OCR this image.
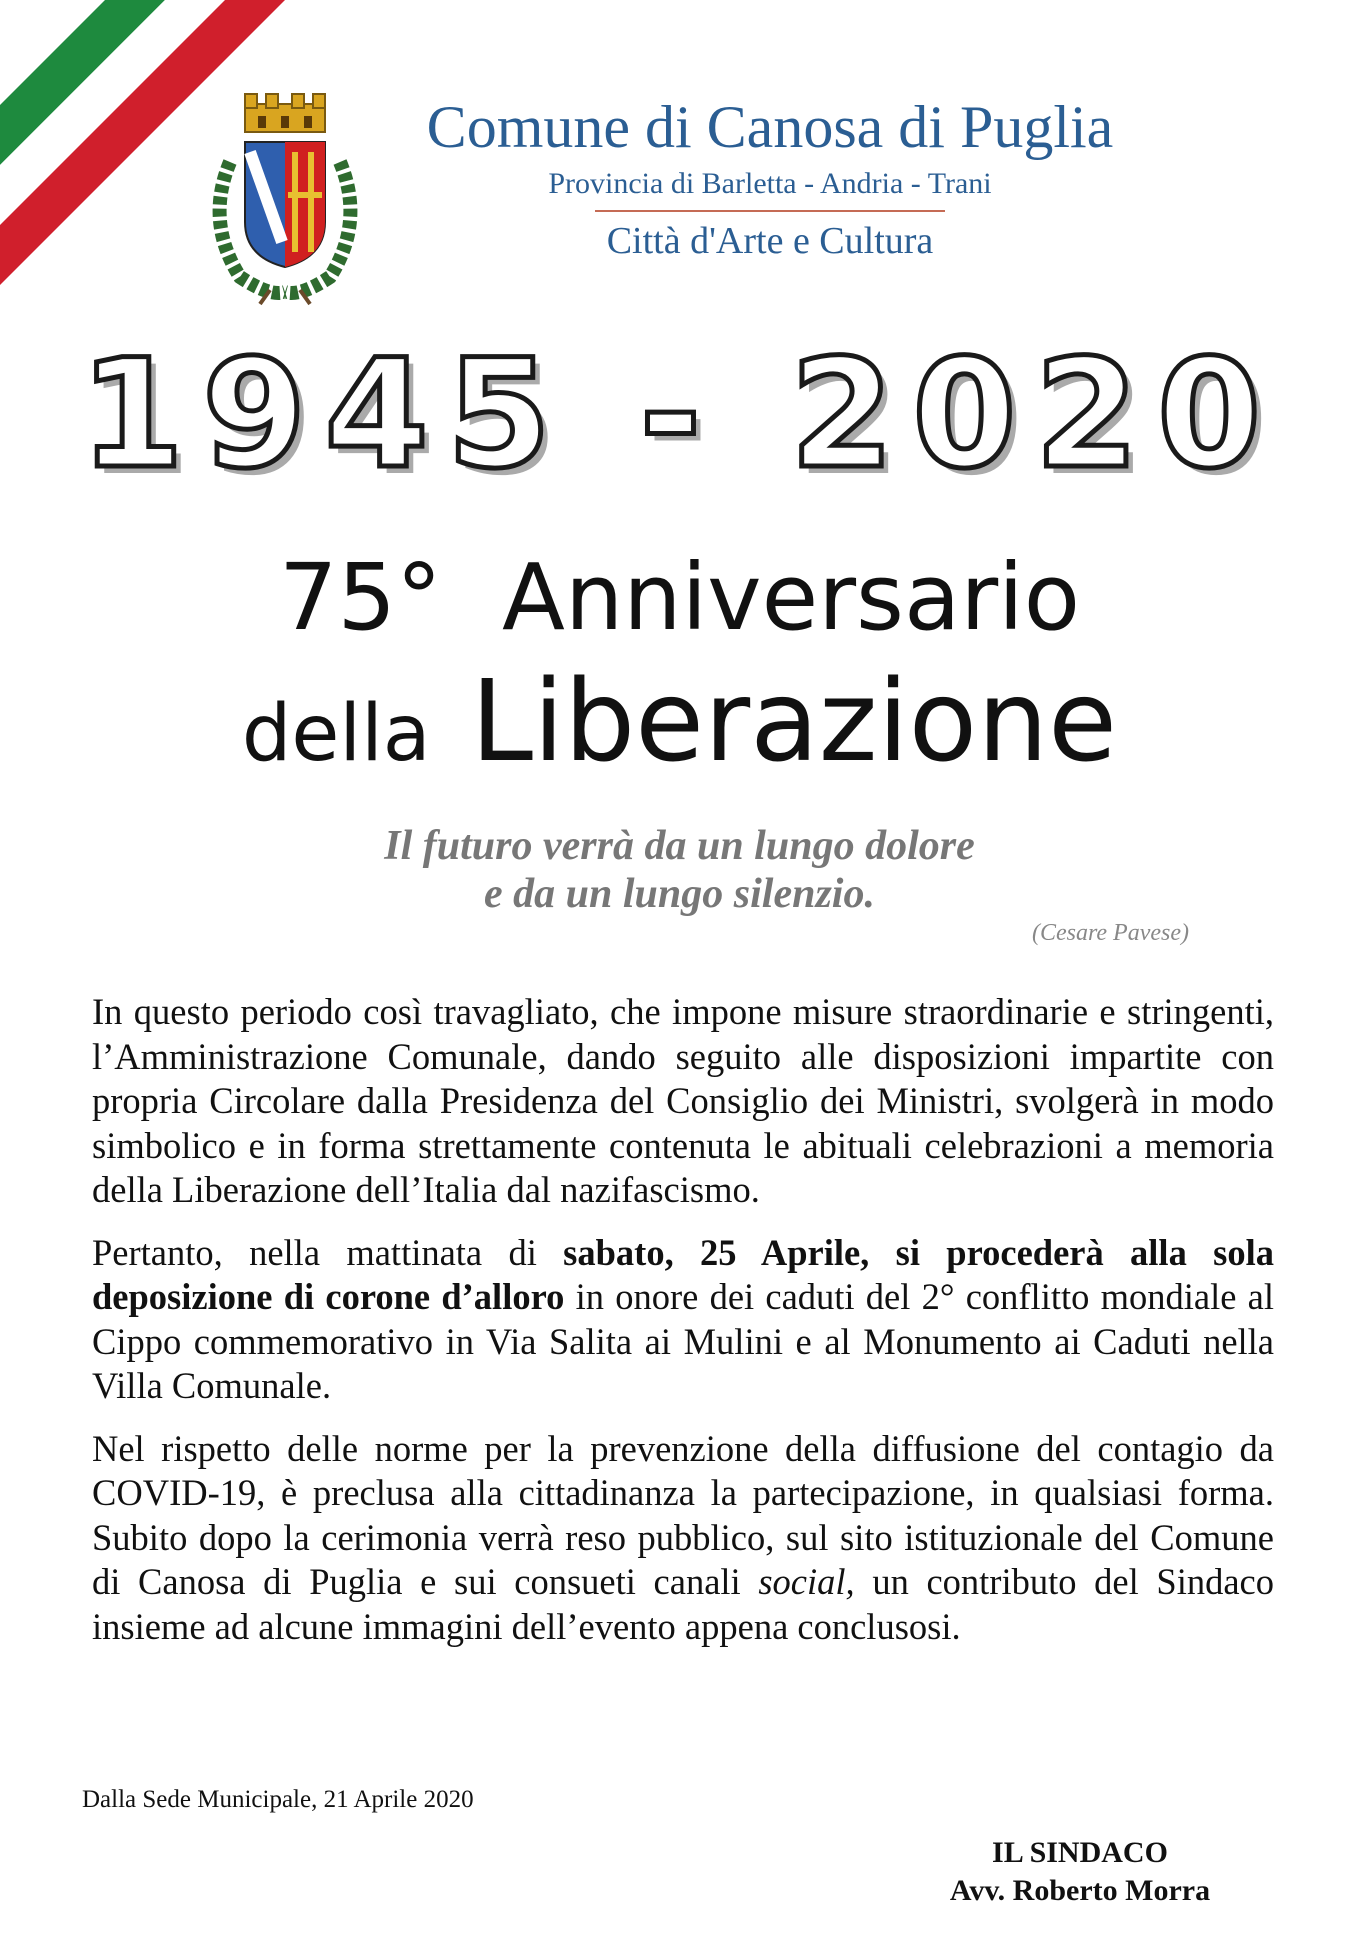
Comune di Canosa di Puglia
Provincia di Barletta - Andria - Trani
Città d'Arte e Cultura
1945 - 2020
75° Anniversario
della Liberazione
Il futuro verrà da un lungo dolore
e da un lungo silenzio.
(Cesare Pavese)

In questo periodo così travagliato, che impone misure straordinarie e stringenti, l’Amministrazione Comunale, dando seguito alle disposizioni impartite con propria Circolare dalla Presidenza del Consiglio dei Ministri, svolgerà in modo simbolico e in forma strettamente contenuta le abituali celebrazioni a memoria della Liberazione dell’Italia dal nazifascismo.

Pertanto, nella mattinata di sabato, 25 Aprile, si procederà alla sola deposizione di corone d’alloro in onore dei caduti del 2° conflitto mondiale al Cippo commemorativo in Via Salita ai Mulini e al Monumento ai Caduti nella Villa Comunale.

Nel rispetto delle norme per la prevenzione della diffusione del contagio da COVID-19, è preclusa alla cittadinanza la partecipazione, in qualsiasi forma. Subito dopo la cerimonia verrà reso pubblico, sul sito istituzionale del Comune di Canosa di Puglia e sui consueti canali social, un contributo del Sindaco insieme ad alcune immagini dell’evento appena conclusosi.

Dalla Sede Municipale, 21 Aprile 2020
IL SINDACO
Avv. Roberto Morra
